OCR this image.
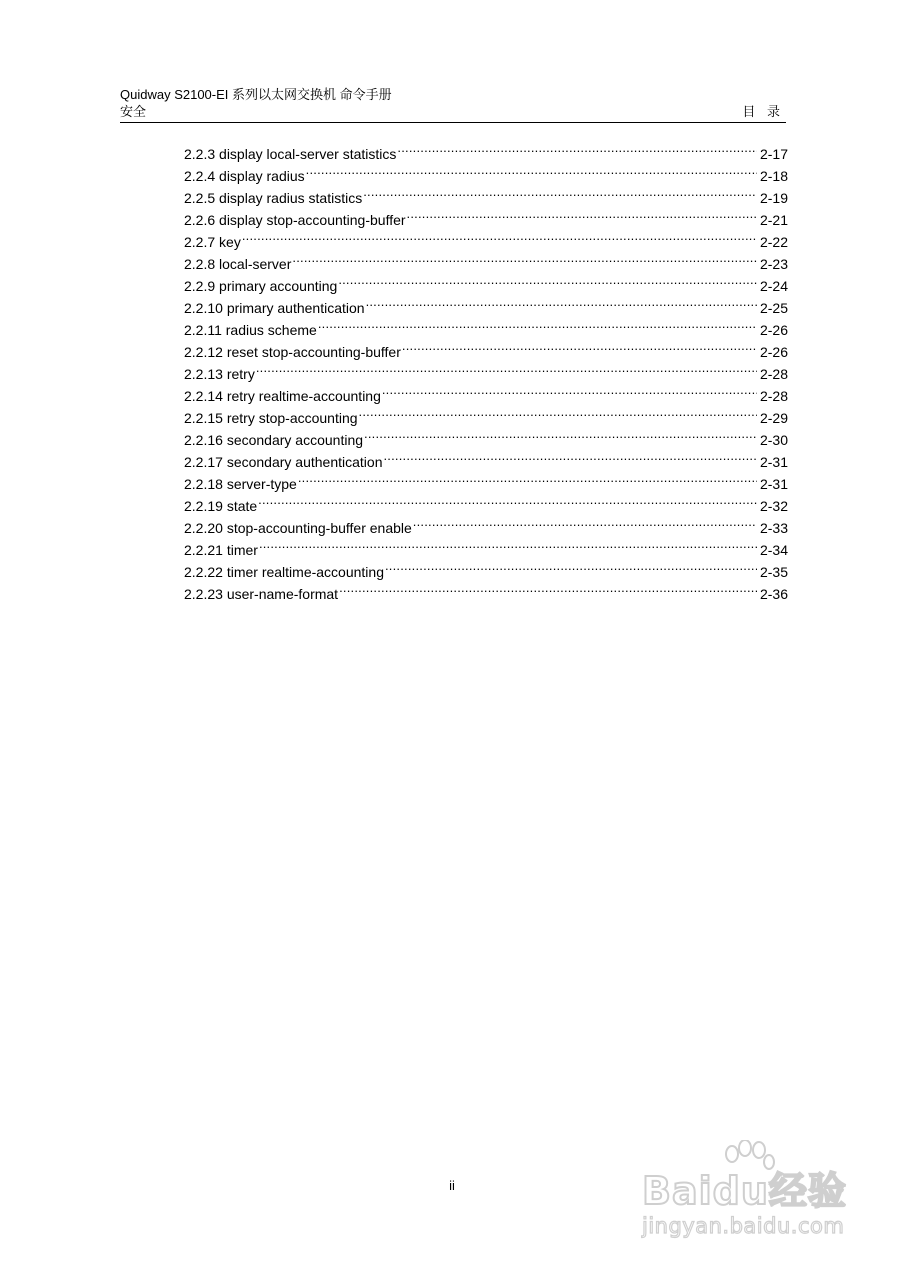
Quidway S2100-EI 系列以太网交换机 命令手册
安全	目 录
2.2.3 display local-server statistics .....	2-17
2.2.4 display radius .....	2-18
2.2.5 display radius statistics .....	2-19
2.2.6 display stop-accounting-buffer .....	2-21
2.2.7 key .....	2-22
2.2.8 local-server .....	2-23
2.2.9 primary accounting .....	2-24
2.2.10 primary authentication .....	2-25
2.2.11 radius scheme .....	2-26
2.2.12 reset stop-accounting-buffer .....	2-26
2.2.13 retry .....	2-28
2.2.14 retry realtime-accounting .....	2-28
2.2.15 retry stop-accounting .....	2-29
2.2.16 secondary accounting .....	2-30
2.2.17 secondary authentication .....	2-31
2.2.18 server-type .....	2-31
2.2.19 state .....	2-32
2.2.20 stop-accounting-buffer enable .....	2-33
2.2.21 timer .....	2-34
2.2.22 timer realtime-accounting .....	2-35
2.2.23 user-name-format .....	2-36
ii	Baidu经验
jingyan.baidu.com
